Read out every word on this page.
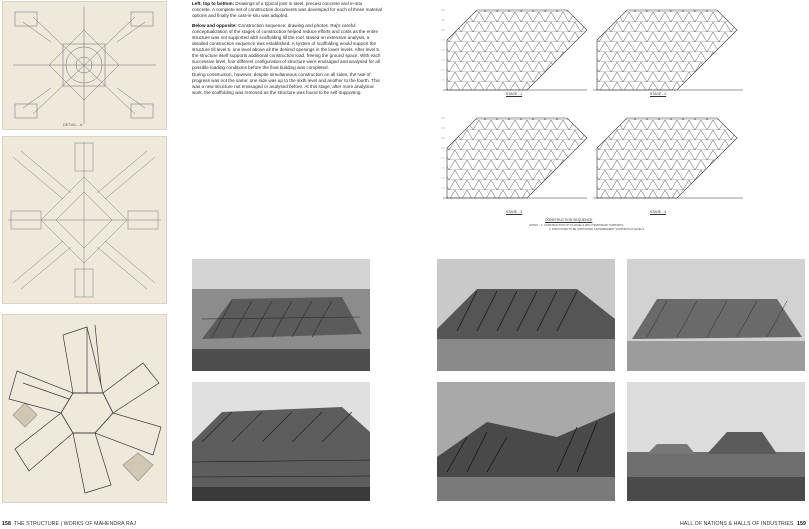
DETAIL - A

Left, top to bottom: Drawings of a typical joint in steel, precast concrete and in-situ concrete. A complete set of construction documents was developed for each of these material options and finally the cast-in-situ was adopted.

Below and opposite: Construction sequence; drawing and photos. Raj's careful conceptualization of the stages of construction helped reduce efforts and costs as the entire structure was not supported with scaffolding till the roof. Based on extensive analysis, a detailed construction sequence was established. A system of scaffolding would support the structure till level 5, one level above all the desired openings in the lower levels. After level 5, the structure itself supports additional construction load, freeing the ground space. With each successive level, four different configuration of structure were envisaged and analysed for all possible loading conditions before the final building was completed.
During construction, however, despite simultaneous construction on all sides, the rate of progress was not the same: one side was up to the sixth level and another to the fourth. This was a new structure not envisaged or analysed before. At this stage, after more analytical work, the scaffolding was removed as the structure was found to be self-supporting.	STAGE - 1	STAGE - 2
STAGE - 3	STAGE - 4
CONSTRUCTION SEQUENCE
NOTES :- 1. CONSTRUCTION UP TO LEVEL 5 WITH TEMPORARY SUPPORTS.
2. STRUCTURE TO BE SUPPORTED ON PERMANENT SUPPORTS AT LEVEL 5.
158 THE STRUCTURE | WORKS OF MAHENDRA RAJ	HALL OF NATIONS & HALLS OF INDUSTRIES 159
